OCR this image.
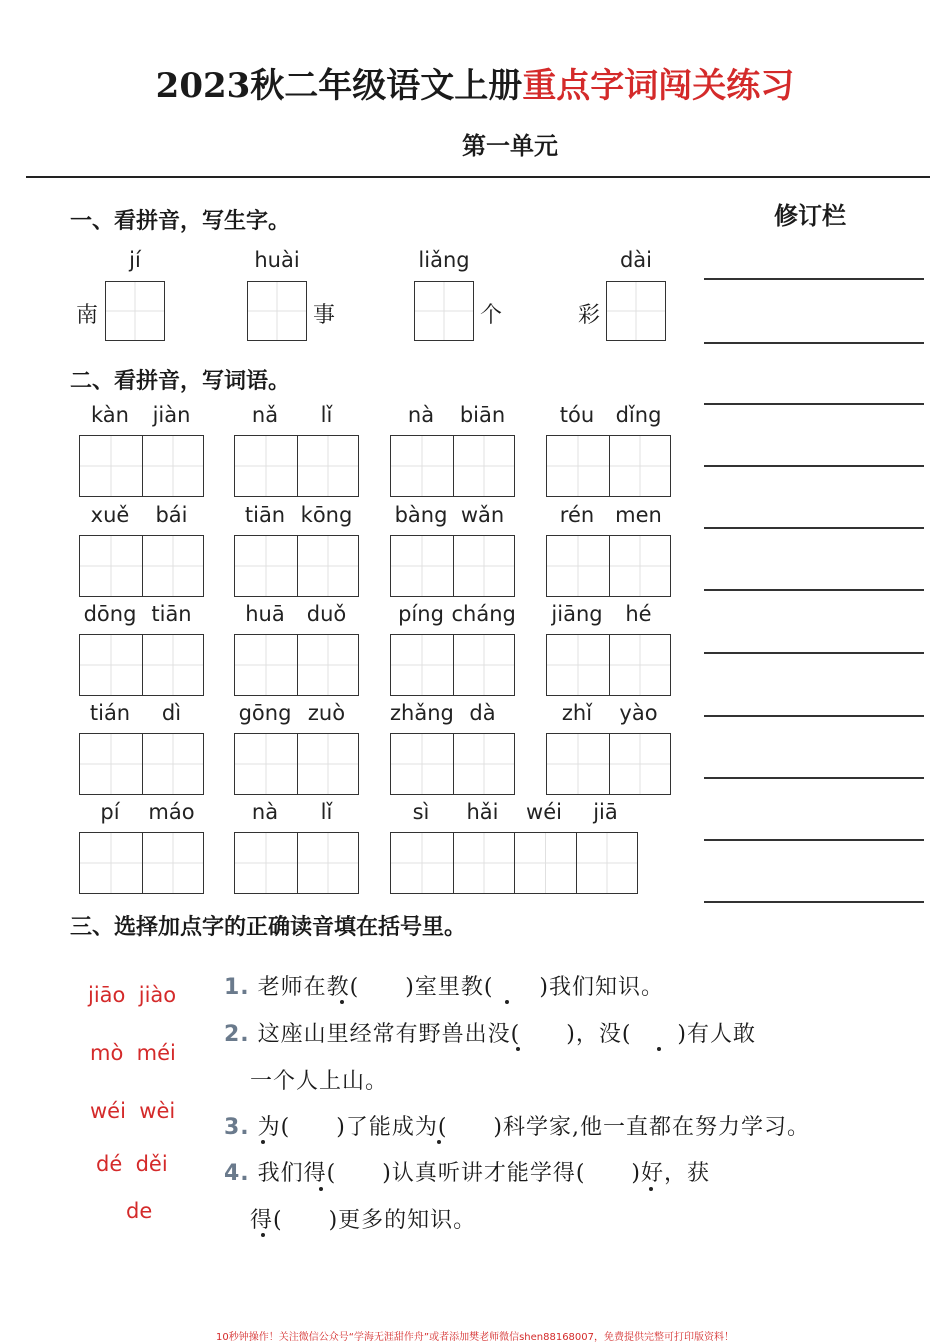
2023秋二年级语文上册重点字词闯关练习
第一单元
修订栏
一、看拼音，写生字。
jí
南
huài
事
liǎng
个
dài
彩
二、看拼音，写词语。
kàn	jiàn	nǎ	lǐ	nà	biān	tóu	dǐng
xuě	bái	tiān kōng bàng wǎn	rén men
dōng tiān	huā	duǒ	píng cháng jiāng	hé
tián	dì	gōng zuò	zhǎng dà	zhǐ	yào
pí	máo	nà	lǐ	sì	hǎi	wéi	jiā
三、选择加点字的正确读音填在括号里。
jiāo  jiào
mò  méi
wéi  wèi
dé  děi
de
1. 老师在教(　　)室里教(　　)我们知识。
2. 这座山里经常有野兽出没(　　)，没(　　)有人敢
一个人上山。
3. 为(　　)了能成为(　　)科学家,他一直都在努力学习。
4. 我们得(　　)认真听讲才能学得(　　)好，获
得(　　)更多的知识。
10秒钟操作！关注微信公众号“学海无涯甜作舟”或者添加樊老师微信shen88168007，免费提供完整可打印版资料！
